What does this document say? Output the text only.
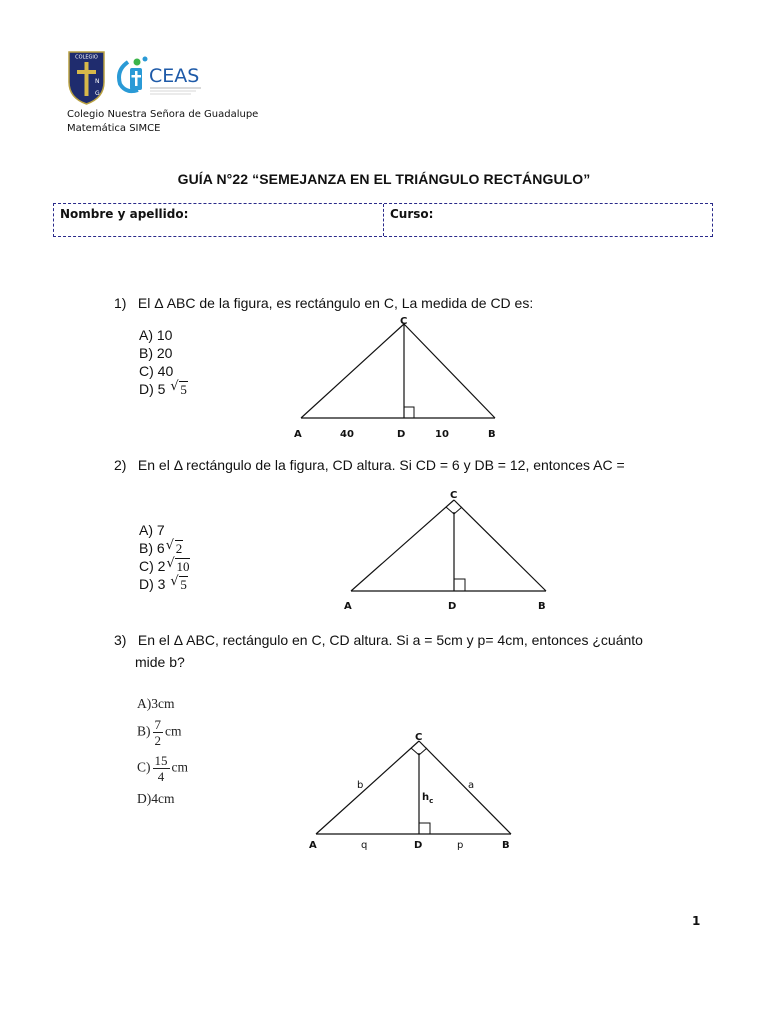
COLEGIO
N
G
CEAS
Colegio Nuestra Señora de Guadalupe
Matemática SIMCE
GUÍA N°22 “SEMEJANZA EN EL TRIÁNGULO RECTÁNGULO”
Nombre y apellido:	Curso:
1) El Δ ABC de la figura, es rectángulo en C, La medida de CD es:
A) 10
B) 20
C) 40
D) 5 √ 5
C
A	40	D	10	B
2) En el Δ rectángulo de la figura, CD altura. Si CD = 6 y DB = 12, entonces AC =
A) 7
B) 6 √ 2
C) 2 √ 10
D) 3 √ 5
C
A	D	B
3) En el Δ ABC, rectángulo en C, CD altura. Si a = 5cm y p= 4cm, entonces ¿cuánto
mide b?
A)3cm
$B) \frac{7}{2}$ cm
$C) \frac{15}{4}$ cm
D)4cm
C
b	a
$h_c$
A	q	D	p	B
1
